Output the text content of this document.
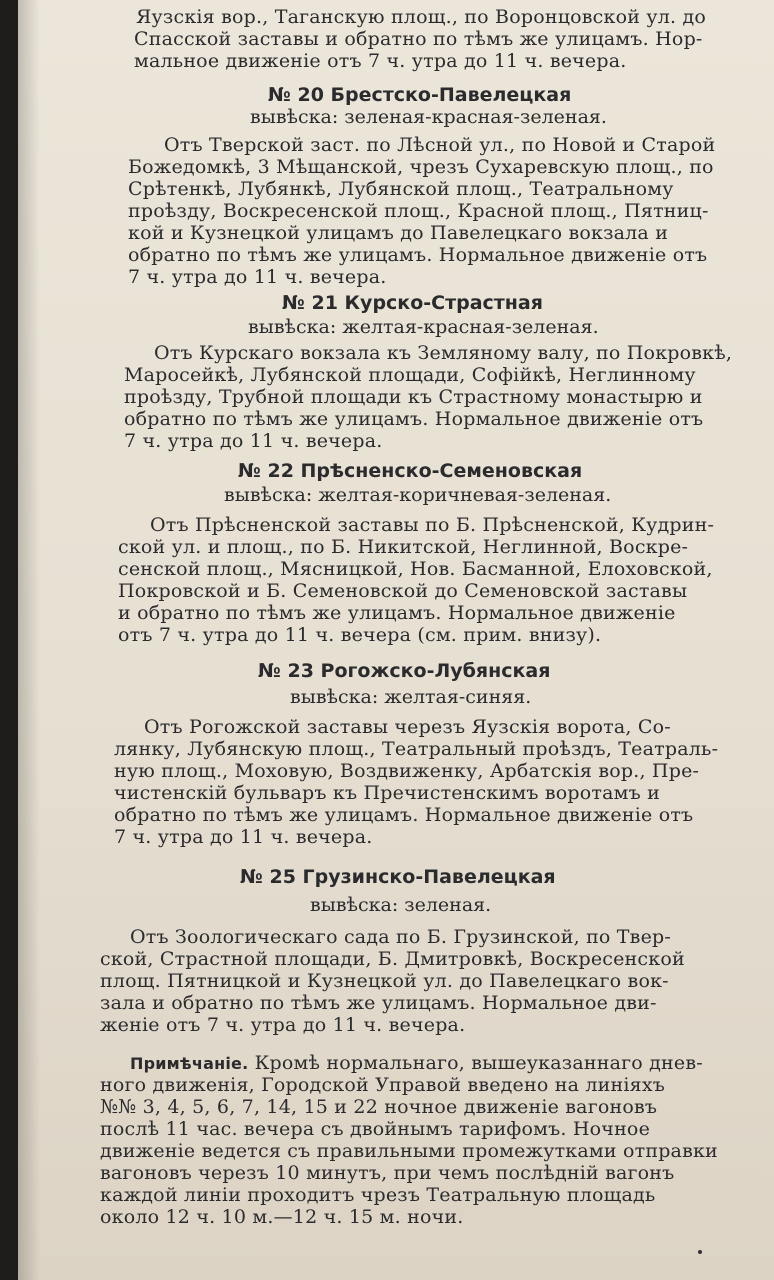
Яузскія вор., Таганскую площ., по Воронцовской ул. до
Спасской заставы и обратно по тѣмъ же улицамъ. Нор-
мальное движеніе отъ 7 ч. утра до 11 ч. вечера.
№ 20 Брестско-Павелецкая
вывѣска: зеленая-красная-зеленая.
Отъ Тверской заст. по Лѣсной ул., по Новой и Старой
Божедомкѣ, 3 Мѣщанской, чрезъ Сухаревскую площ., по
Срѣтенкѣ, Лубянкѣ, Лубянской площ., Театральному
проѣзду, Воскресенской площ., Красной площ., Пятниц-
кой и Кузнецкой улицамъ до Павелецкаго вокзала и
обратно по тѣмъ же улицамъ. Нормальное движеніе отъ
7 ч. утра до 11 ч. вечера.
№ 21 Курско-Страстная
вывѣска: желтая-красная-зеленая.
Отъ Курскаго вокзала къ Земляному валу, по Покровкѣ,
Маросейкѣ, Лубянской площади, Софійкѣ, Неглинному
проѣзду, Трубной площади къ Страстному монастырю и
обратно по тѣмъ же улицамъ. Нормальное движеніе отъ
7 ч. утра до 11 ч. вечера.
№ 22 Прѣсненско-Семеновская
вывѣска: желтая-коричневая-зеленая.
Отъ Прѣсненской заставы по Б. Прѣсненской, Кудрин-
ской ул. и площ., по Б. Никитской, Неглинной, Воскре-
сенской площ., Мясницкой, Нов. Басманной, Елоховской,
Покровской и Б. Семеновской до Семеновской заставы
и обратно по тѣмъ же улицамъ. Нормальное движеніе
отъ 7 ч. утра до 11 ч. вечера (см. прим. внизу).
№ 23 Рогожско-Лубянская
вывѣска: желтая-синяя.
Отъ Рогожской заставы черезъ Яузскія ворота, Со-
лянку, Лубянскую площ., Театральный проѣздъ, Театраль-
ную площ., Моховую, Воздвиженку, Арбатскія вор., Пре-
чистенскій бульваръ къ Пречистенскимъ воротамъ и
обратно по тѣмъ же улицамъ. Нормальное движеніе отъ
7 ч. утра до 11 ч. вечера.
№ 25 Грузинско-Павелецкая
вывѣска: зеленая.
Отъ Зоологическаго сада по Б. Грузинской, по Твер-
ской, Страстной площади, Б. Дмитровкѣ, Воскресенской
площ. Пятницкой и Кузнецкой ул. до Павелецкаго вок-
зала и обратно по тѣмъ же улицамъ. Нормальное дви-
женіе отъ 7 ч. утра до 11 ч. вечера.
Примѣчаніе. Кромѣ нормальнаго, вышеуказаннаго днев-
ного движенія, Городской Управой введено на линіяхъ
№№ 3, 4, 5, 6, 7, 14, 15 и 22 ночное движеніе вагоновъ
послѣ 11 час. вечера съ двойнымъ тарифомъ. Ночное
движеніе ведется съ правильными промежутками отправки
вагоновъ черезъ 10 минутъ, при чемъ послѣдній вагонъ
каждой линіи проходитъ чрезъ Театральную площадь
около 12 ч. 10 м.—12 ч. 15 м. ночи.
